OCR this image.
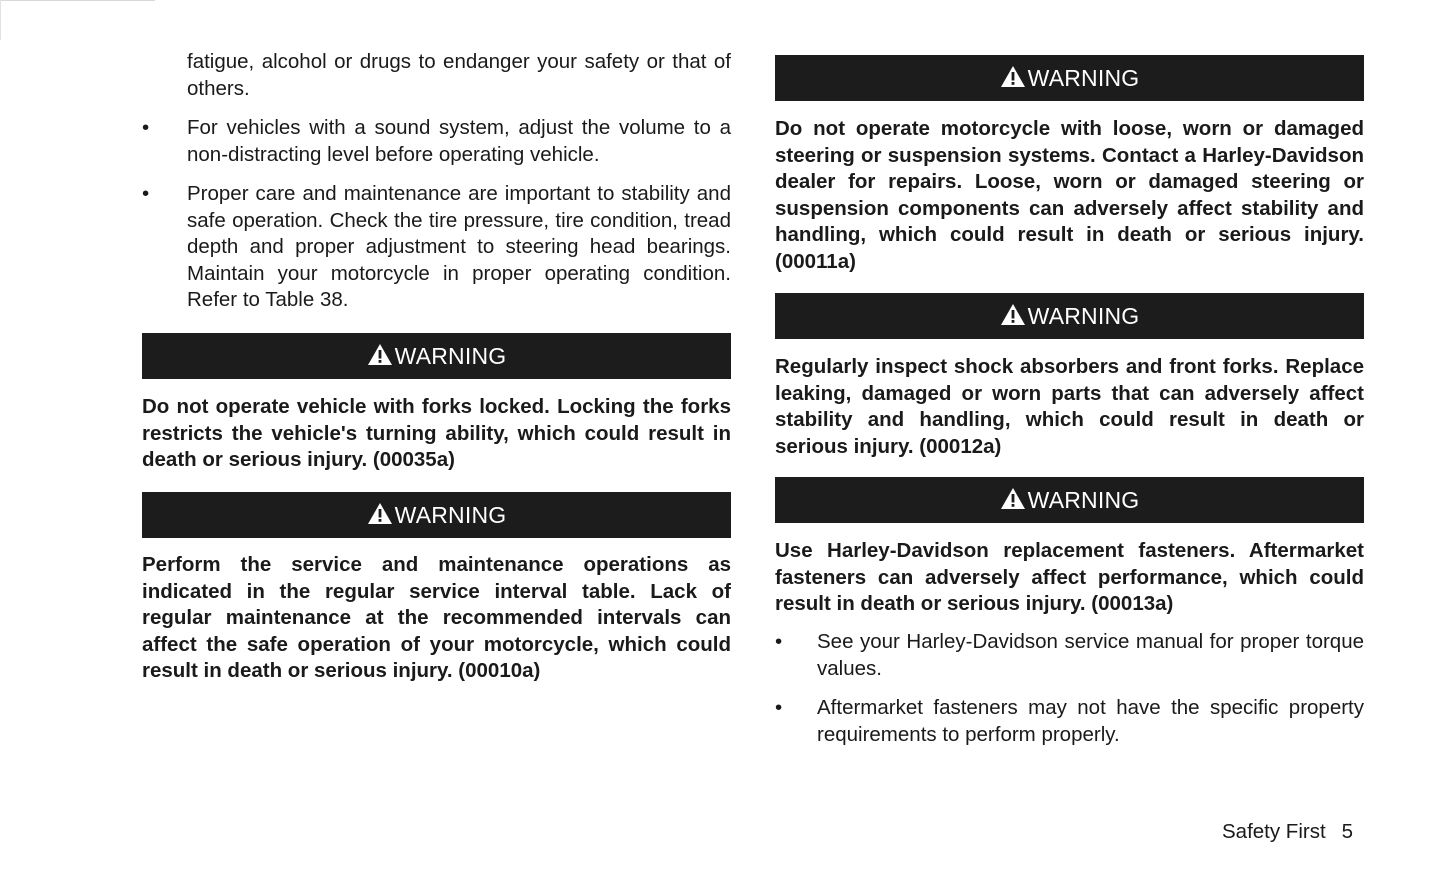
fatigue, alcohol or drugs to endanger your safety or that of others.
•	For vehicles with a sound system, adjust the volume to a non-distracting level before operating vehicle.
•	Proper care and maintenance are important to stability and safe operation. Check the tire pressure, tire condition, tread depth and proper adjustment to steering head bearings. Maintain your motorcycle in proper operating condition. Refer to Table 38.
WARNING
Do not operate vehicle with forks locked. Locking the forks restricts the vehicle's turning ability, which could result in death or serious injury. (00035a)
WARNING
Perform the service and maintenance operations as indicated in the regular service interval table. Lack of regular maintenance at the recommended intervals can affect the safe operation of your motorcycle, which could result in death or serious injury. (00010a)
WARNING
Do not operate motorcycle with loose, worn or damaged steering or suspension systems. Contact a Harley-Davidson dealer for repairs. Loose, worn or damaged steering or suspension components can adversely affect stability and handling, which could result in death or serious injury. (00011a)
WARNING
Regularly inspect shock absorbers and front forks. Replace leaking, damaged or worn parts that can adversely affect stability and handling, which could result in death or serious injury. (00012a)
WARNING
Use Harley-Davidson replacement fasteners. Aftermarket fasteners can adversely affect performance, which could result in death or serious injury. (00013a)
•	See your Harley-Davidson service manual for proper torque values.
•	Aftermarket fasteners may not have the specific property requirements to perform properly.
Safety First 5
